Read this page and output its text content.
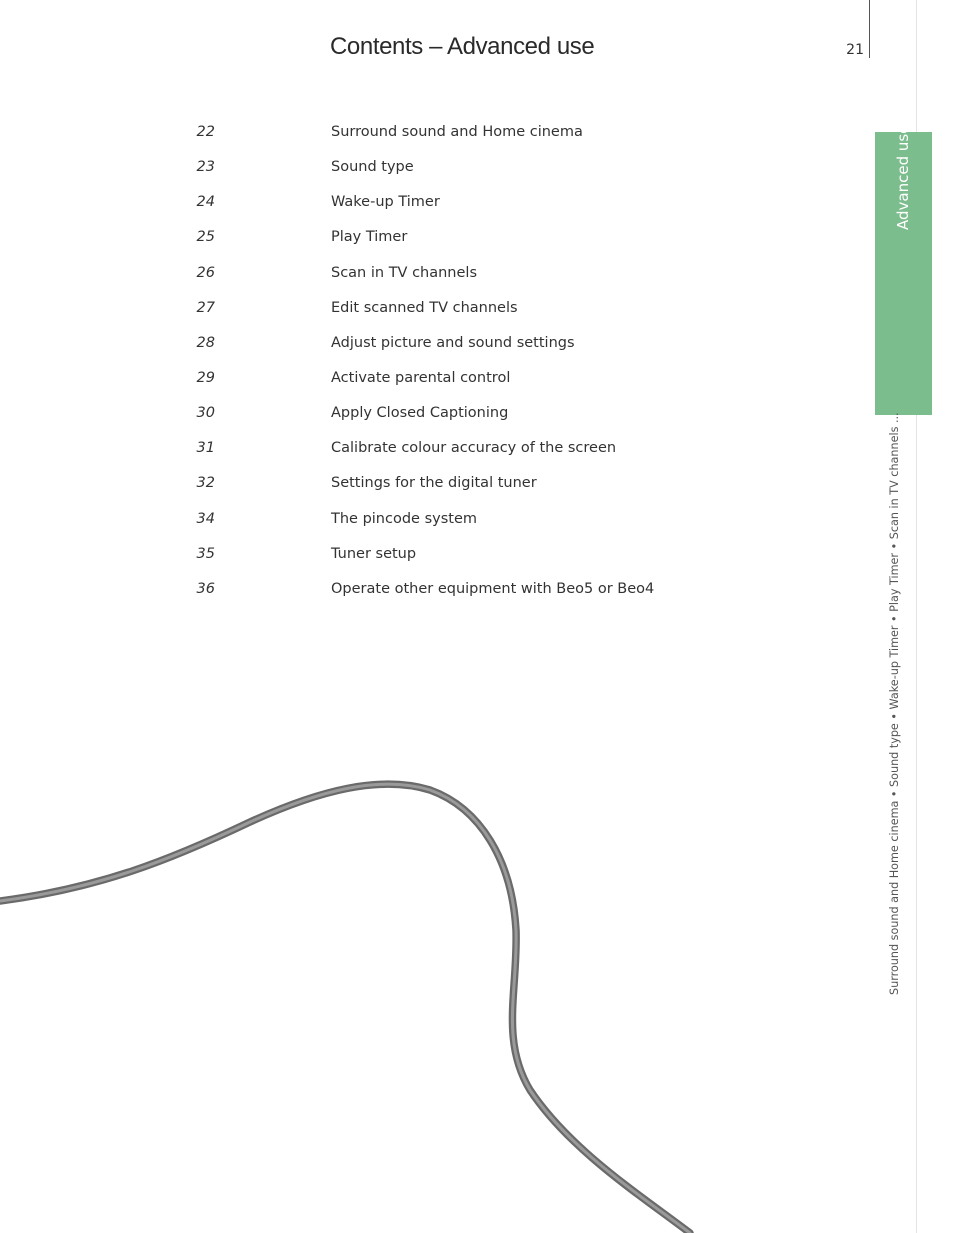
Contents – Advanced use	21
22	Surround sound and Home cinema
23	Sound type
24	Wake-up Timer
25	Play Timer
26	Scan in TV channels
27	Edit scanned TV channels
28	Adjust picture and sound settings
29	Activate parental control
30	Apply Closed Captioning
31	Calibrate colour accuracy of the screen
32	Settings for the digital tuner
34	The pincode system
35	Tuner setup
36	Operate other equipment with Beo5 or Beo4
Advanced use
Surround sound and Home cinema • Sound type • Wake-up Timer • Play Timer • Scan in TV channels ...
